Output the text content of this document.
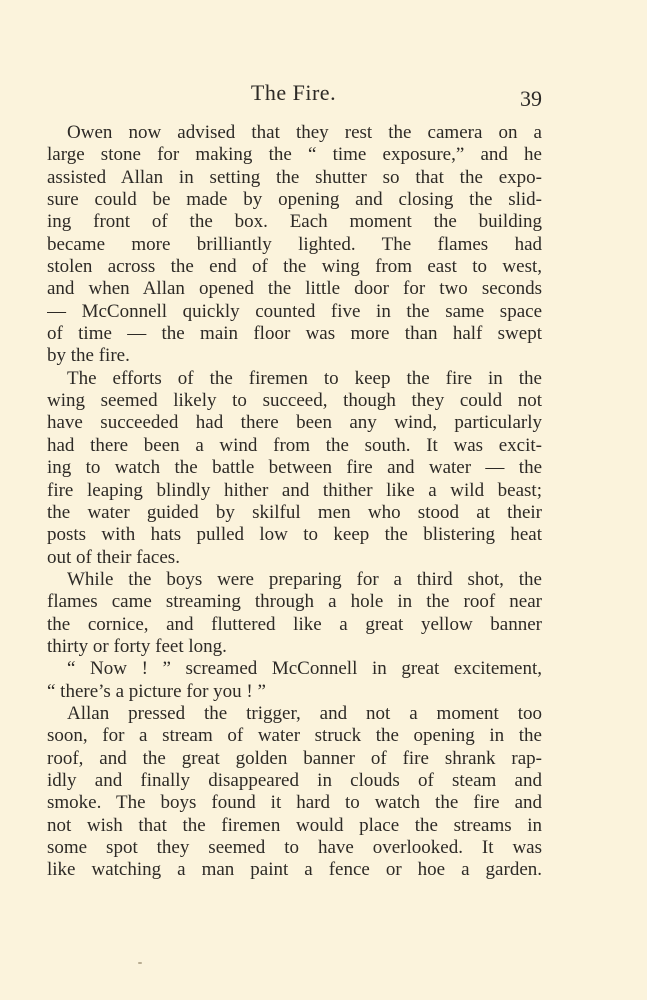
The Fire.	39
Owen now advised that they rest the camera on a
large stone for making the “ time exposure,” and he
assisted Allan in setting the shutter so that the expo-
sure could be made by opening and closing the slid-
ing front of the box. Each moment the building
became more brilliantly lighted. The flames had
stolen across the end of the wing from east to west,
and when Allan opened the little door for two seconds
— McConnell quickly counted five in the same space
of time — the main floor was more than half swept
by the fire.
The efforts of the firemen to keep the fire in the
wing seemed likely to succeed, though they could not
have succeeded had there been any wind, particularly
had there been a wind from the south. It was excit-
ing to watch the battle between fire and water — the
fire leaping blindly hither and thither like a wild beast;
the water guided by skilful men who stood at their
posts with hats pulled low to keep the blistering heat
out of their faces.
While the boys were preparing for a third shot, the
flames came streaming through a hole in the roof near
the cornice, and fluttered like a great yellow banner
thirty or forty feet long.
“ Now ! ” screamed McConnell in great excitement,
“ there’s a picture for you ! ”
Allan pressed the trigger, and not a moment too
soon, for a stream of water struck the opening in the
roof, and the great golden banner of fire shrank rap-
idly and finally disappeared in clouds of steam and
smoke. The boys found it hard to watch the fire and
not wish that the firemen would place the streams in
some spot they seemed to have overlooked. It was
like watching a man paint a fence or hoe a garden.
